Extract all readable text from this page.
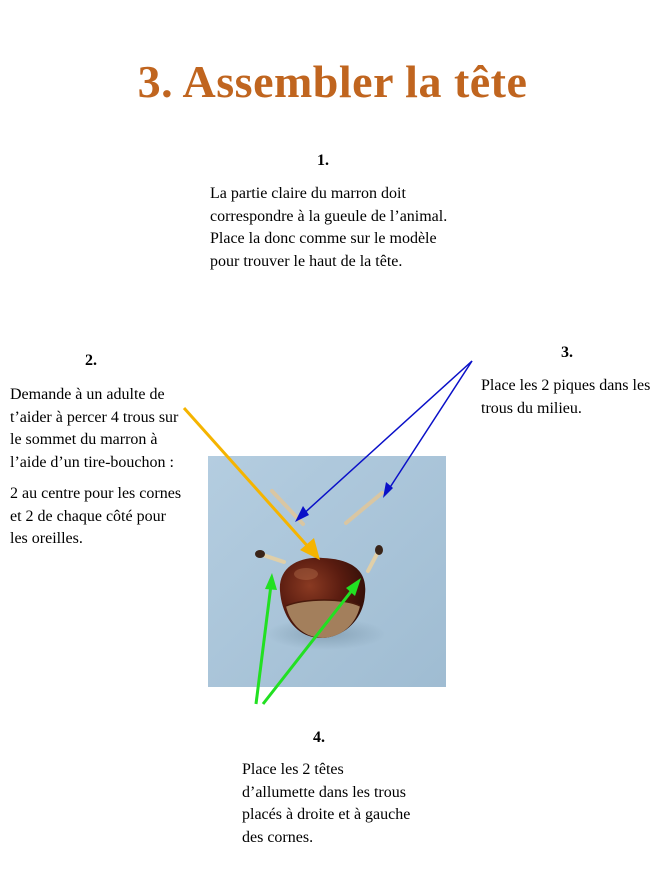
3. Assembler la tête
1.

La partie claire du marron doit correspondre à la gueule de l’animal. Place la donc comme sur le modèle pour trouver le haut de la tête.

2.

Demande à un adulte de t’aider à percer 4 trous sur le sommet du marron à l’aide d’un tire-bouchon :

2 au centre pour les cornes et 2 de chaque côté pour les oreilles.

3.

Place les 2 piques dans les trous du milieu.

4.

Place les 2 têtes d’allumette dans les trous placés à droite et à gauche des cornes.
